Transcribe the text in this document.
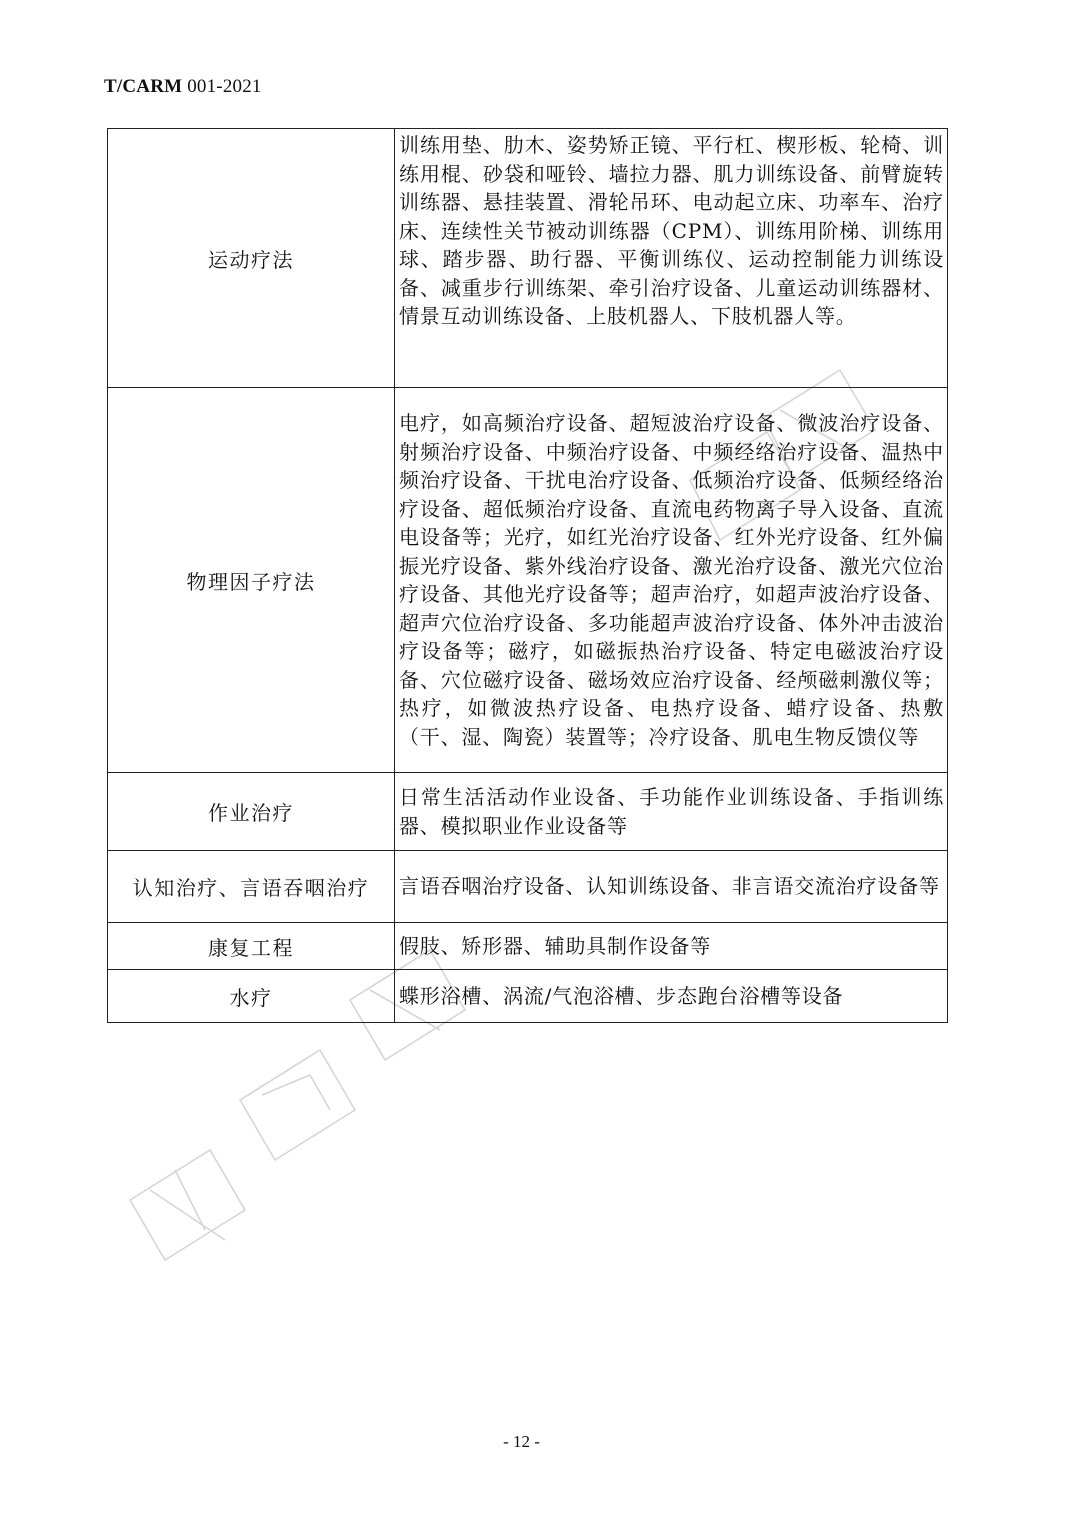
T/CARM 001-2021
运动疗法	训练用垫、肋木、姿势矫正镜、平行杠、楔形板、轮椅、训练用棍、砂袋和哑铃、墙拉力器、肌力训练设备、前臂旋转训练器、悬挂装置、滑轮吊环、电动起立床、功率车、治疗床、连续性关节被动训练器（CPM）、训练用阶梯、训练用球、踏步器、助行器、平衡训练仪、运动控制能力训练设备、减重步行训练架、牵引治疗设备、儿童运动训练器材、情景互动训练设备、上肢机器人、下肢机器人等。
物理因子疗法	电疗，如高频治疗设备、超短波治疗设备、微波治疗设备、射频治疗设备、中频治疗设备、中频经络治疗设备、温热中频治疗设备、干扰电治疗设备、低频治疗设备、低频经络治疗设备、超低频治疗设备、直流电药物离子导入设备、直流电设备等；光疗，如红光治疗设备、红外光疗设备、红外偏振光疗设备、紫外线治疗设备、激光治疗设备、激光穴位治疗设备、其他光疗设备等；超声治疗，如超声波治疗设备、超声穴位治疗设备、多功能超声波治疗设备、体外冲击波治疗设备等；磁疗，如磁振热治疗设备、特定电磁波治疗设备、穴位磁疗设备、磁场效应治疗设备、经颅磁刺激仪等；热疗，如微波热疗设备、电热疗设备、蜡疗设备、热敷（干、湿、陶瓷）装置等；冷疗设备、肌电生物反馈仪等
作业治疗	日常生活活动作业设备、手功能作业训练设备、手指训练器、模拟职业作业设备等
认知治疗、言语吞咽治疗	言语吞咽治疗设备、认知训练设备、非言语交流治疗设备等
康复工程	假肢、矫形器、辅助具制作设备等
水疗	蝶形浴槽、涡流/气泡浴槽、步态跑台浴槽等设备
- 12 -
